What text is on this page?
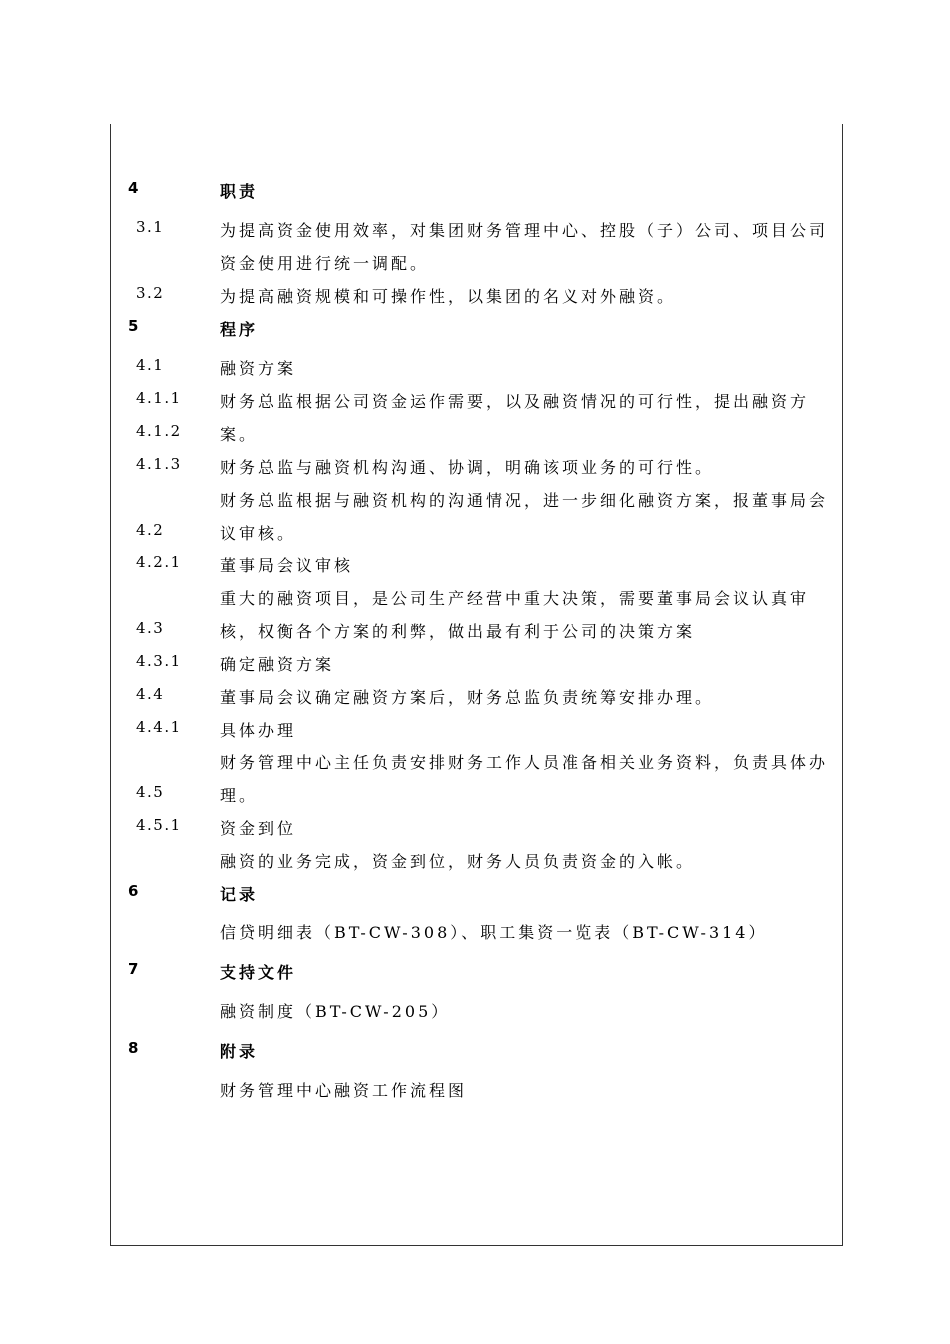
4	职责
3.1	为提高资金使用效率，对集团财务管理中心、控股（子）公司、项目公司
资金使用进行统一调配。
3.2	为提高融资规模和可操作性，以集团的名义对外融资。
5	程序
4.1	融资方案
4.1.1 财务总监根据公司资金运作需要，以及融资情况的可行性，提出融资方
4.1.2 案。
4.1.3 财务总监与融资机构沟通、协调，明确该项业务的可行性。
财务总监根据与融资机构的沟通情况，进一步细化融资方案，报董事局会
4.2	议审核。
4.2.1 董事局会议审核
重大的融资项目，是公司生产经营中重大决策，需要董事局会议认真审
4.3	核，权衡各个方案的利弊，做出最有利于公司的决策方案
4.3.1 确定融资方案
4.4	董事局会议确定融资方案后，财务总监负责统筹安排办理。
4.4.1 具体办理
财务管理中心主任负责安排财务工作人员准备相关业务资料，负责具体办
4.5	理。
4.5.1 资金到位
融资的业务完成，资金到位，财务人员负责资金的入帐。
6	记录
信贷明细表（BT-CW-308）、职工集资一览表（BT-CW-314）
7	支持文件
融资制度（BT-CW-205）
8	附录
财务管理中心融资工作流程图
